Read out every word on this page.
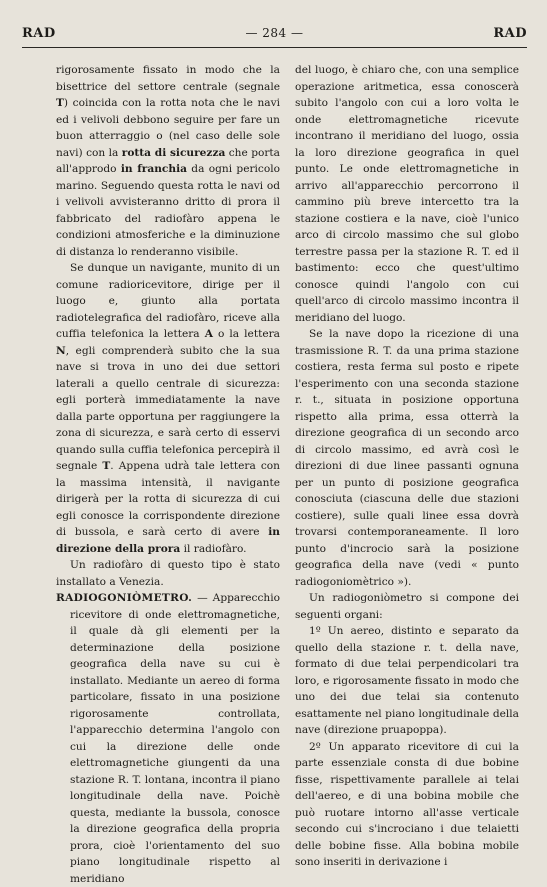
RAD	— 284 —	RAD

rigorosamente fissato in modo che la bisettrice del settore centrale (segnale T) coincida con la rotta nota che le navi ed i velivoli debbono seguire per fare un buon atterraggio o (nel caso delle sole navi) con la rotta di sicurezza che porta all'approdo in franchia da ogni pericolo marino. Seguendo questa rotta le navi od i velivoli avvisteranno dritto di prora il fabbricato del radiofàro appena le condizioni atmosferiche e la diminuzione di distanza lo renderanno visibile.

Se dunque un navigante, munito di un comune radioricevitore, dirige per il luogo e, giunto alla portata radiotelegrafica del radiofàro, riceve alla cuffia telefonica la lettera A o la lettera N, egli comprenderà subito che la sua nave si trova in uno dei due settori laterali a quello centrale di sicurezza: egli porterà immediatamente la nave dalla parte opportuna per raggiungere la zona di sicurezza, e sarà certo di esservi quando sulla cuffia telefonica percepirà il segnale T. Appena udrà tale lettera con la massima intensità, il navigante dirigerà per la rotta di sicurezza di cui egli conosce la corrispondente direzione di bussola, e sarà certo di avere in direzione della prora il radiofàro.

Un radiofàro di questo tipo è stato installato a Venezia.

RADIOGONIÒMETRO. — Apparecchio ricevitore di onde elettromagnetiche, il quale dà gli elementi per la determinazione della posizione geografica della nave su cui è installato. Mediante un aereo di forma particolare, fissato in una posizione rigorosamente controllata, l'apparecchio determina l'angolo con cui la direzione delle onde elettromagnetiche giungenti da una stazione R. T. lontana, incontra il piano longitudinale della nave. Poichè questa, mediante la bussola, conosce la direzione geografica della propria prora, cioè l'orientamento del suo piano longitudinale rispetto al meridiano

del luogo, è chiaro che, con una semplice operazione aritmetica, essa conoscerà subito l'angolo con cui a loro volta le onde elettromagnetiche ricevute incontrano il meridiano del luogo, ossia la loro direzione geografica in quel punto. Le onde elettromagnetiche in arrivo all'apparecchio percorrono il cammino più breve intercetto tra la stazione costiera e la nave, cioè l'unico arco di circolo massimo che sul globo terrestre passa per la stazione R. T. ed il bastimento: ecco che quest'ultimo conosce quindi l'angolo con cui quell'arco di circolo massimo incontra il meridiano del luogo.

Se la nave dopo la ricezione di una trasmissione R. T. da una prima stazione costiera, resta ferma sul posto e ripete l'esperimento con una seconda stazione r. t., situata in posizione opportuna rispetto alla prima, essa otterrà la direzione geografica di un secondo arco di circolo massimo, ed avrà così le direzioni di due linee passanti ognuna per un punto di posizione geografica conosciuta (ciascuna delle due stazioni costiere), sulle quali linee essa dovrà trovarsi contemporaneamente. Il loro punto d'incrocio sarà la posizione geografica della nave (vedi « punto radiogoniomètrico »).

Un radiogoniòmetro si compone dei seguenti organi:

1º Un aereo, distinto e separato da quello della stazione r. t. della nave, formato di due telai perpendicolari tra loro, e rigorosamente fissato in modo che uno dei due telai sia contenuto esattamente nel piano longitudinale della nave (direzione pruapoppa).

2º Un apparato ricevitore di cui la parte essenziale consta di due bobine fisse, rispettivamente parallele ai telai dell'aereo, e di una bobina mobile che può ruotare intorno all'asse verticale secondo cui s'incrociano i due telaietti delle bobine fisse. Alla bobina mobile sono inseriti in derivazione i
